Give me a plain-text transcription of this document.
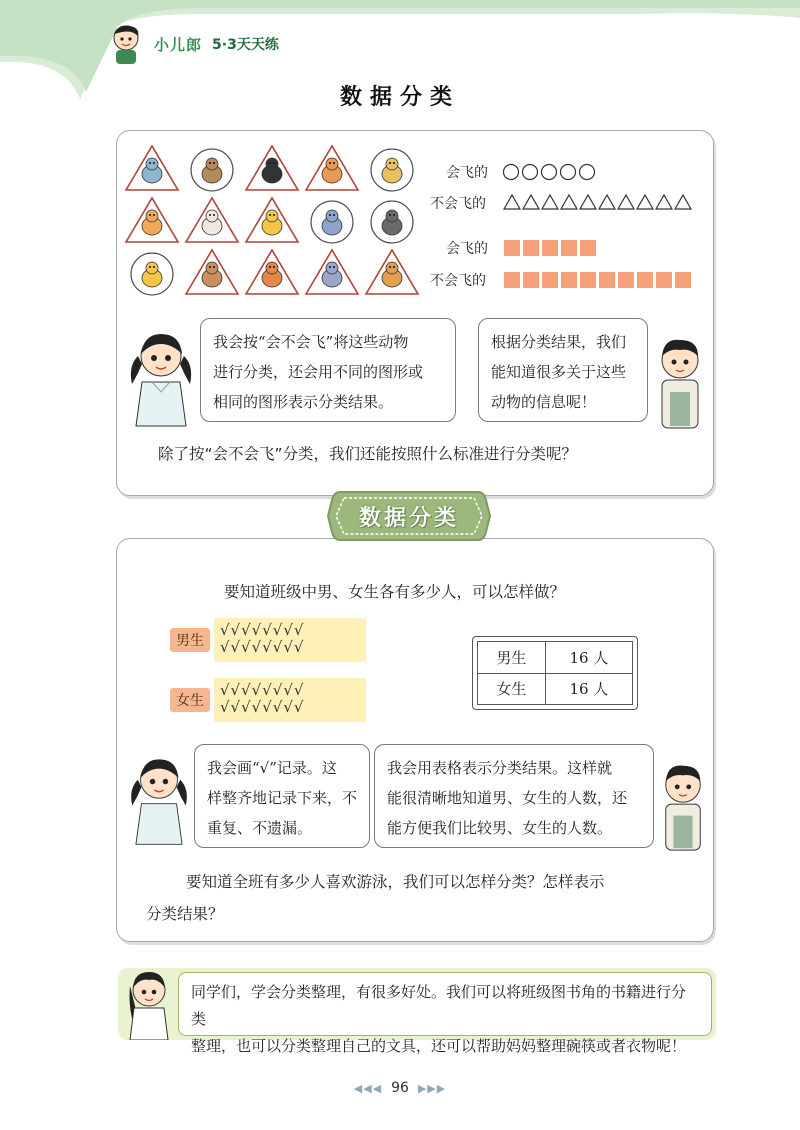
小儿郎 5·3天天练
数据分类
会飞的
不会飞的
会飞的
不会飞的
我会按“会不会飞”将这些动物
进行分类，还会用不同的图形或
相同的图形表示分类结果。
根据分类结果，我们
能知道很多关于这些
动物的信息呢！
除了按“会不会飞”分类，我们还能按照什么标准进行分类呢？
数据分类
要知道班级中男、女生各有多少人，可以怎样做？
男生
√√√√√√√√
√√√√√√√√
女生
√√√√√√√√
√√√√√√√√
男生	16 人
女生	16 人
我会画“√”记录。这
样整齐地记录下来，不
重复、不遗漏。
我会用表格表示分类结果。这样就
能很清晰地知道男、女生的人数，还
能方便我们比较男、女生的人数。
要知道全班有多少人喜欢游泳，我们可以怎样分类？怎样表示
分类结果？
同学们，学会分类整理，有很多好处。我们可以将班级图书角的书籍进行分类
整理，也可以分类整理自己的文具，还可以帮助妈妈整理碗筷或者衣物呢！
◀◀◀ 96 ▶▶▶
